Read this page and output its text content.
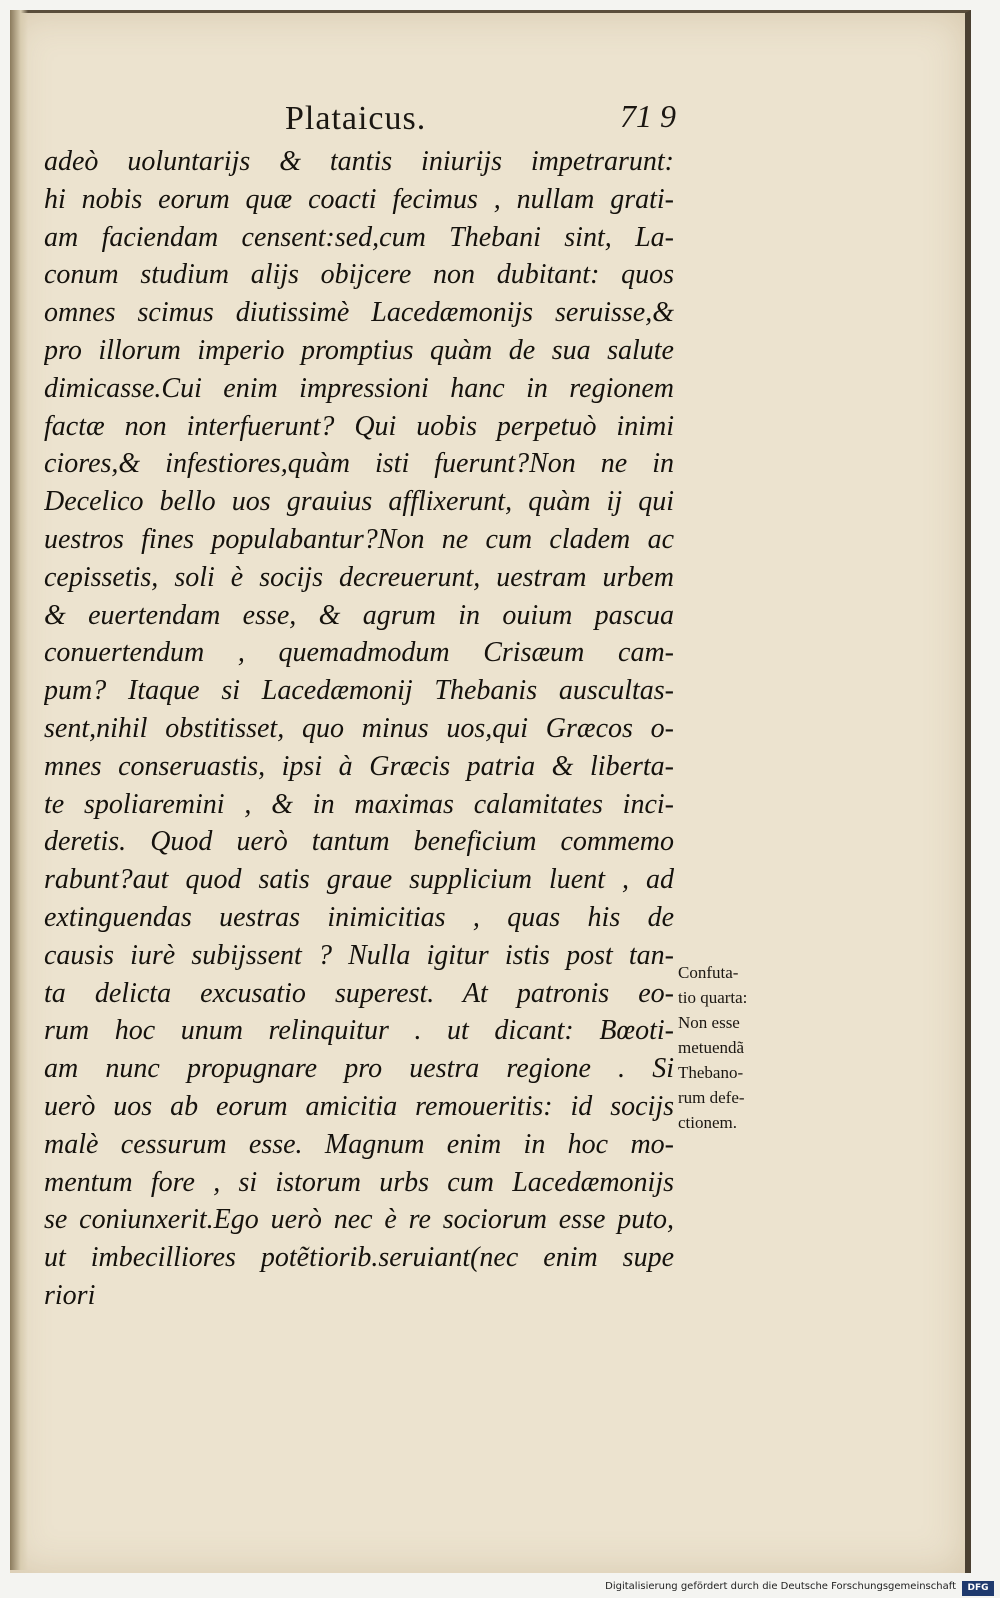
Plataicus.	71 9
adeò uoluntarijs & tantis iniurijs impetrarunt:
hi nobis eorum quæ coacti fecimus , nullam grati-
am faciendam censent:sed,cum Thebani sint, La-
conum studium alijs obijcere non dubitant: quos
omnes scimus diutissimè Lacedæmonijs seruisse,&
pro illorum imperio promptius quàm de sua salute
dimicasse.Cui enim impressioni hanc in regionem
factæ non interfuerunt? Qui uobis perpetuò inimi
ciores,& infestiores,quàm isti fuerunt?Non ne in
Decelico bello uos grauius afflixerunt, quàm ij qui
uestros fines populabantur?Non ne cum cladem ac
cepissetis, soli è socijs decreuerunt, uestram urbem
& euertendam esse, & agrum in ouium pascua
conuertendum , quemadmodum Crisæum cam-
pum? Itaque si Lacedæmonij Thebanis auscultas-
sent,nihil obstitisset, quo minus uos,qui Græcos o-
mnes conseruastis, ipsi à Græcis patria & liberta-
te spoliaremini , & in maximas calamitates inci-
deretis. Quod uerò tantum beneficium commemo
rabunt?aut quod satis graue supplicium luent , ad
extinguendas uestras inimicitias , quas his de
causis iurè subijssent ? Nulla igitur istis post tan-
ta delicta excusatio superest. At patronis eo-
rum hoc unum relinquitur . ut dicant: Bœoti-
am nunc propugnare pro uestra regione . Si
uerò uos ab eorum amicitia remoueritis: id socijs
malè cessurum esse. Magnum enim in hoc mo-
mentum fore , si istorum urbs cum Lacedæmonijs
se coniunxerit.Ego uerò nec è re sociorum esse puto,
ut imbecilliores potẽtiorib.seruiant(nec enim supe
riori
Confuta-
tio quarta:
Non esse
metuendã
Thebano-
rum defe-
ctionem.
Digitalisierung gefördert durch die Deutsche Forschungsgemeinschaft	DFG
